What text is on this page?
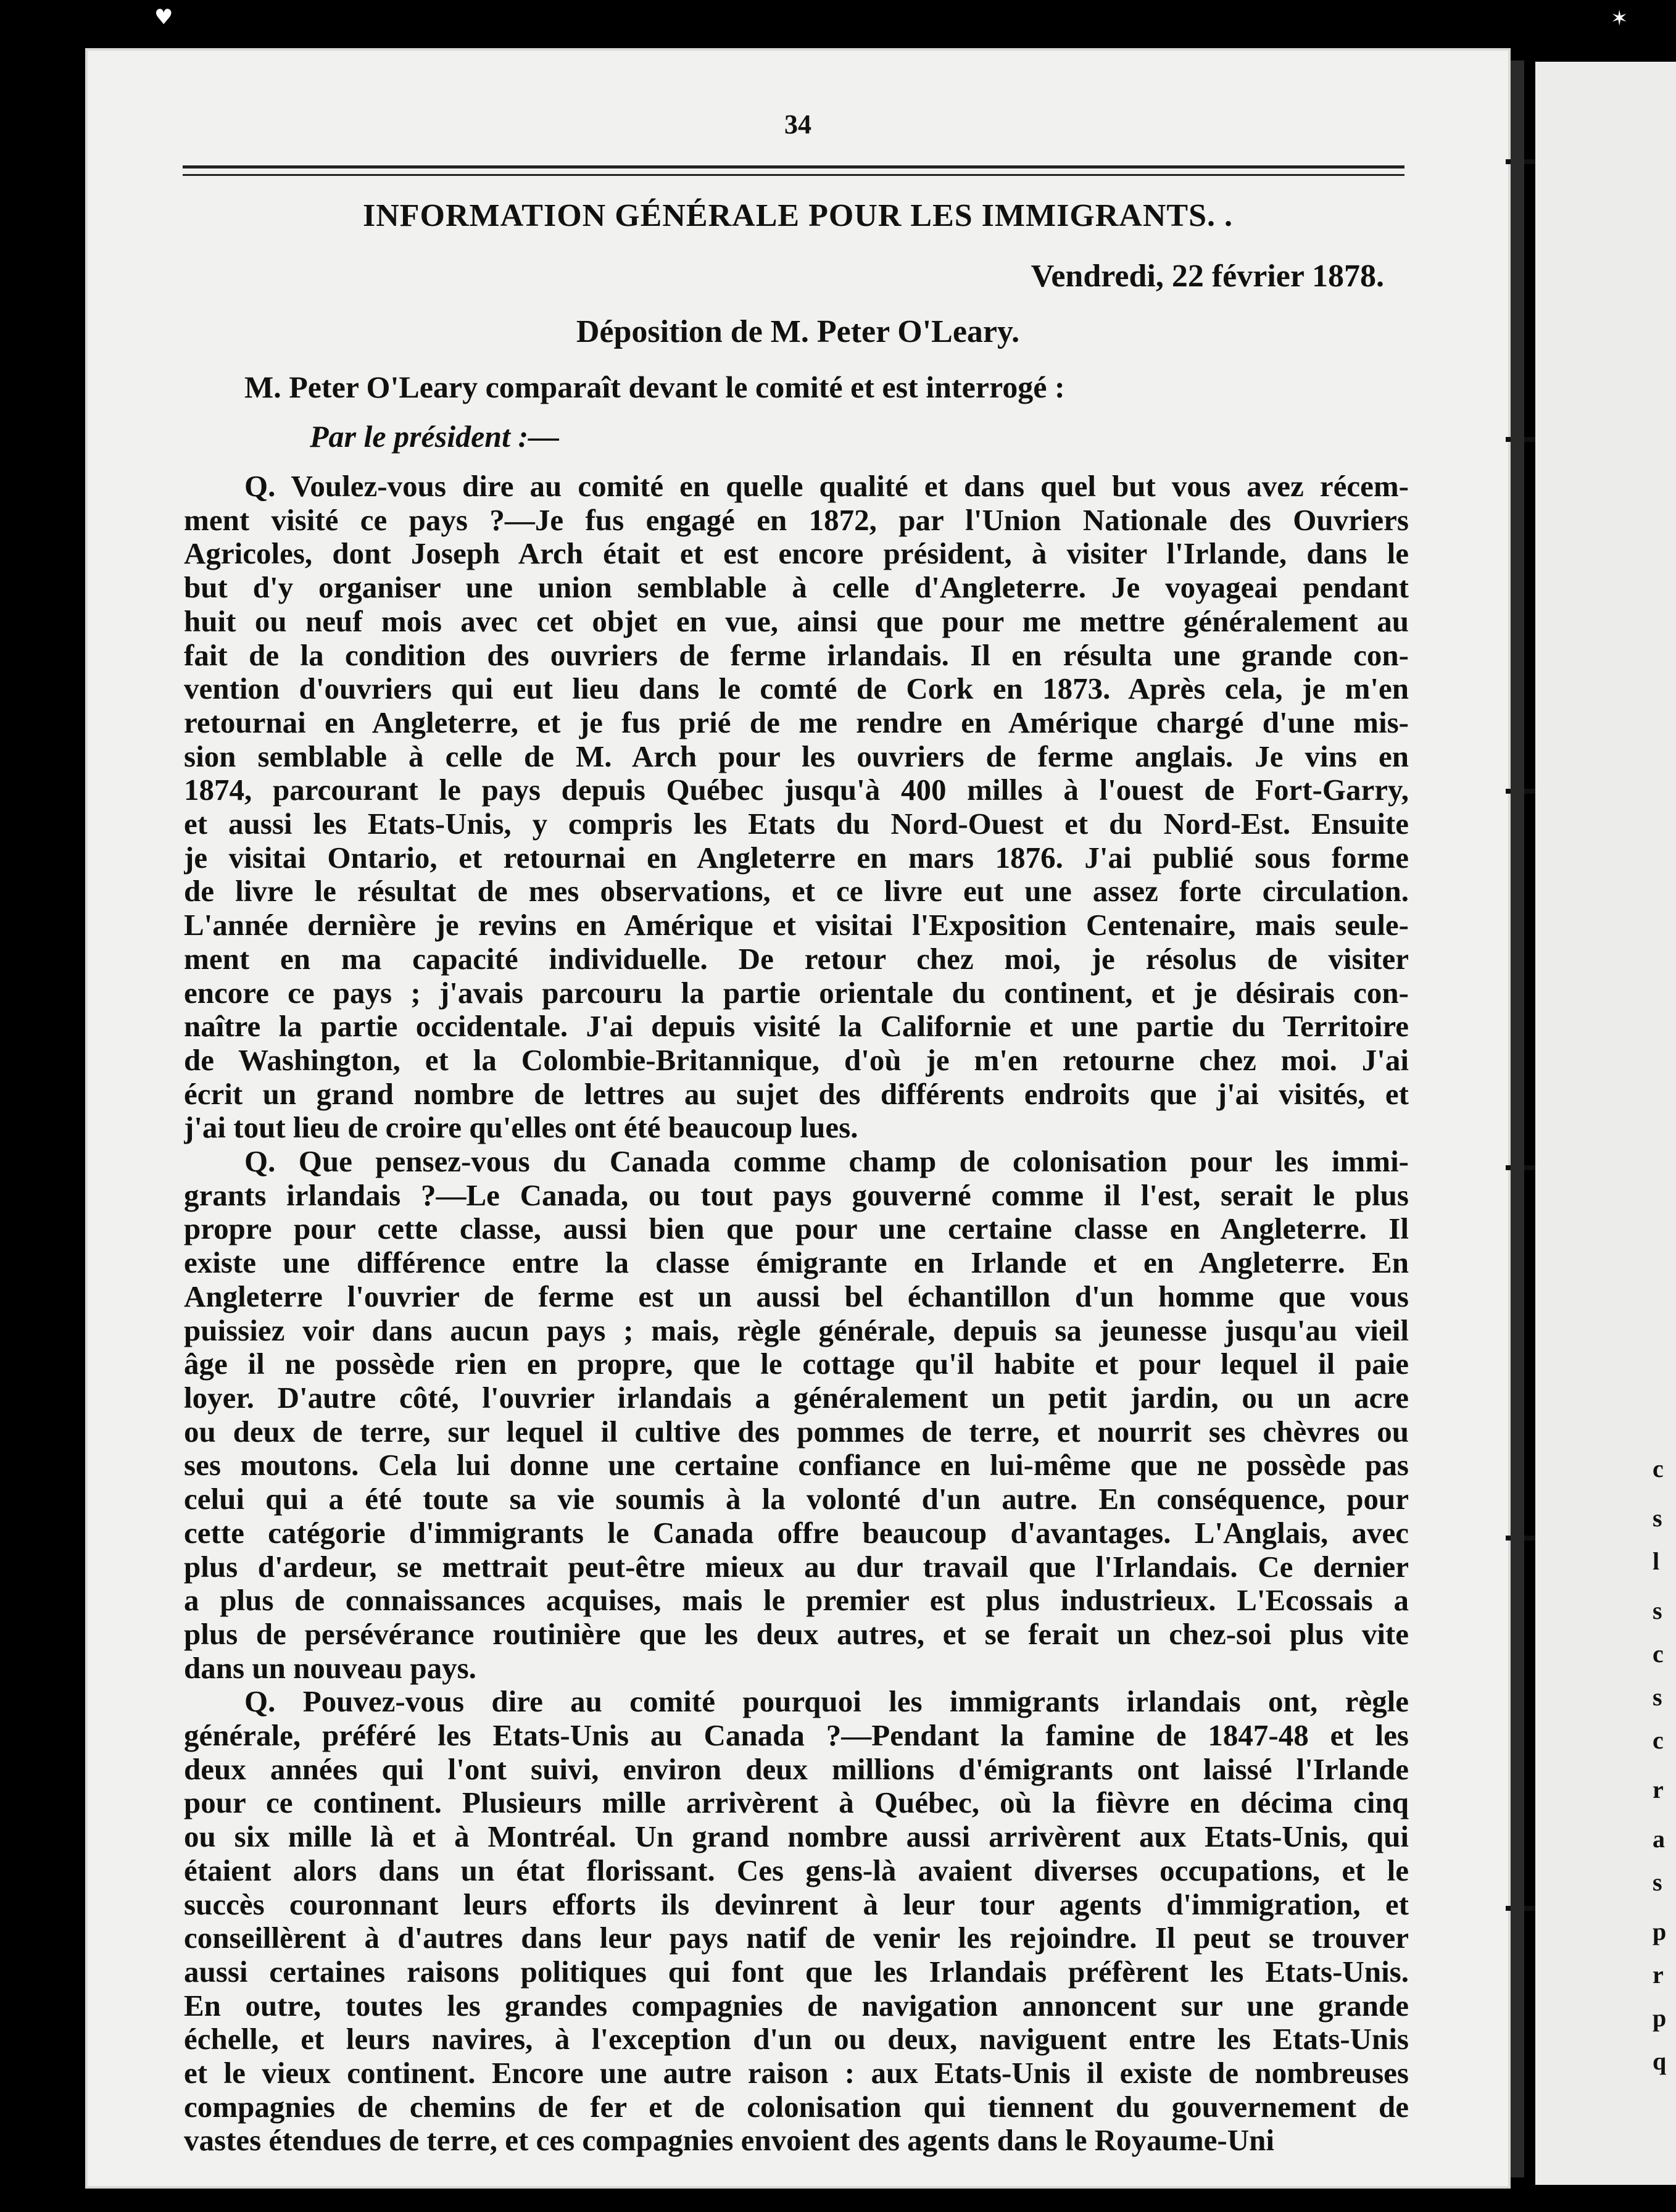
♥	✶
34
INFORMATION GÉNÉRALE POUR LES IMMIGRANTS. .
Vendredi, 22 février 1878.
Déposition de M. Peter O'Leary.
M. Peter O'Leary comparaît devant le comité et est interrogé :
Par le président :—
Q. Voulez-vous dire au comité en quelle qualité et dans quel but vous avez récem-
ment visité ce pays ?—Je fus engagé en 1872, par l'Union Nationale des Ouvriers
Agricoles, dont Joseph Arch était et est encore président, à visiter l'Irlande, dans le
but d'y organiser une union semblable à celle d'Angleterre. Je voyageai pendant
huit ou neuf mois avec cet objet en vue, ainsi que pour me mettre généralement au
fait de la condition des ouvriers de ferme irlandais. Il en résulta une grande con-
vention d'ouvriers qui eut lieu dans le comté de Cork en 1873. Après cela, je m'en
retournai en Angleterre, et je fus prié de me rendre en Amérique chargé d'une mis-
sion semblable à celle de M. Arch pour les ouvriers de ferme anglais. Je vins en
1874, parcourant le pays depuis Québec jusqu'à 400 milles à l'ouest de Fort-Garry,
et aussi les Etats-Unis, y compris les Etats du Nord-Ouest et du Nord-Est. Ensuite
je visitai Ontario, et retournai en Angleterre en mars 1876. J'ai publié sous forme
de livre le résultat de mes observations, et ce livre eut une assez forte circulation.
L'année dernière je revins en Amérique et visitai l'Exposition Centenaire, mais seule-
ment en ma capacité individuelle. De retour chez moi, je résolus de visiter
encore ce pays ; j'avais parcouru la partie orientale du continent, et je désirais con-
naître la partie occidentale. J'ai depuis visité la Californie et une partie du Territoire
de Washington, et la Colombie-Britannique, d'où je m'en retourne chez moi. J'ai
écrit un grand nombre de lettres au sujet des différents endroits que j'ai visités, et
j'ai tout lieu de croire qu'elles ont été beaucoup lues.
Q. Que pensez-vous du Canada comme champ de colonisation pour les immi-
grants irlandais ?—Le Canada, ou tout pays gouverné comme il l'est, serait le plus
propre pour cette classe, aussi bien que pour une certaine classe en Angleterre. Il
existe une différence entre la classe émigrante en Irlande et en Angleterre. En
Angleterre l'ouvrier de ferme est un aussi bel échantillon d'un homme que vous
puissiez voir dans aucun pays ; mais, règle générale, depuis sa jeunesse jusqu'au vieil
âge il ne possède rien en propre, que le cottage qu'il habite et pour lequel il paie
loyer. D'autre côté, l'ouvrier irlandais a généralement un petit jardin, ou un acre
ou deux de terre, sur lequel il cultive des pommes de terre, et nourrit ses chèvres ou
ses moutons. Cela lui donne une certaine confiance en lui-même que ne possède pas
celui qui a été toute sa vie soumis à la volonté d'un autre. En conséquence, pour
cette catégorie d'immigrants le Canada offre beaucoup d'avantages. L'Anglais, avec
plus d'ardeur, se mettrait peut-être mieux au dur travail que l'Irlandais. Ce dernier
a plus de connaissances acquises, mais le premier est plus industrieux. L'Ecossais a
plus de persévérance routinière que les deux autres, et se ferait un chez-soi plus vite
dans un nouveau pays.
Q. Pouvez-vous dire au comité pourquoi les immigrants irlandais ont, règle
générale, préféré les Etats-Unis au Canada ?—Pendant la famine de 1847-48 et les
deux années qui l'ont suivi, environ deux millions d'émigrants ont laissé l'Irlande
pour ce continent. Plusieurs mille arrivèrent à Québec, où la fièvre en décima cinq
ou six mille là et à Montréal. Un grand nombre aussi arrivèrent aux Etats-Unis, qui
étaient alors dans un état florissant. Ces gens-là avaient diverses occupations, et le
succès couronnant leurs efforts ils devinrent à leur tour agents d'immigration, et
conseillèrent à d'autres dans leur pays natif de venir les rejoindre. Il peut se trouver
aussi certaines raisons politiques qui font que les Irlandais préfèrent les Etats-Unis.
En outre, toutes les grandes compagnies de navigation annoncent sur une grande
échelle, et leurs navires, à l'exception d'un ou deux, naviguent entre les Etats-Unis
et le vieux continent. Encore une autre raison : aux Etats-Unis il existe de nombreuses
compagnies de chemins de fer et de colonisation qui tiennent du gouvernement de
vastes étendues de terre, et ces compagnies envoient des agents dans le Royaume-Uni
c
s
l
s
c
s
c
r
a
s
p
r
p
q
